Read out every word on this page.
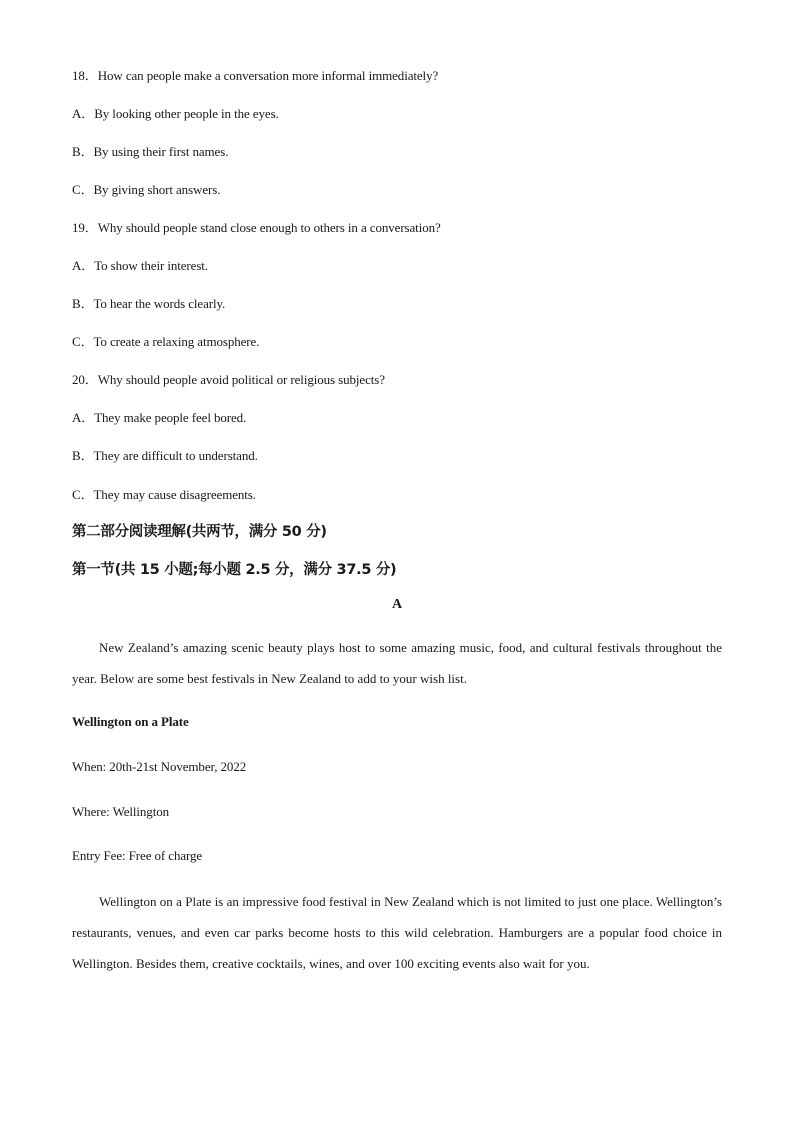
18．How can people make a conversation more informal immediately?
A．By looking other people in the eyes.
B．By using their first names.
C．By giving short answers.
19．Why should people stand close enough to others in a conversation?
A．To show their interest.
B．To hear the words clearly.
C．To create a relaxing atmosphere.
20．Why should people avoid political or religious subjects?
A．They make people feel bored.
B．They are difficult to understand.
C．They may cause disagreements.
第二部分阅读理解(共两节，满分 50 分)
第一节(共 15 小题;每小题 2.5 分，满分 37.5 分)
A
New Zealand’s amazing scenic beauty plays host to some amazing music, food, and cultural festivals throughout the year. Below are some best festivals in New Zealand to add to your wish list.
Wellington on a Plate
When: 20th-21st November, 2022
Where: Wellington
Entry Fee: Free of charge
Wellington on a Plate is an impressive food festival in New Zealand which is not limited to just one place. Wellington’s restaurants, venues, and even car parks become hosts to this wild celebration. Hamburgers are a popular food choice in Wellington. Besides them, creative cocktails, wines, and over 100 exciting events also wait for you.
